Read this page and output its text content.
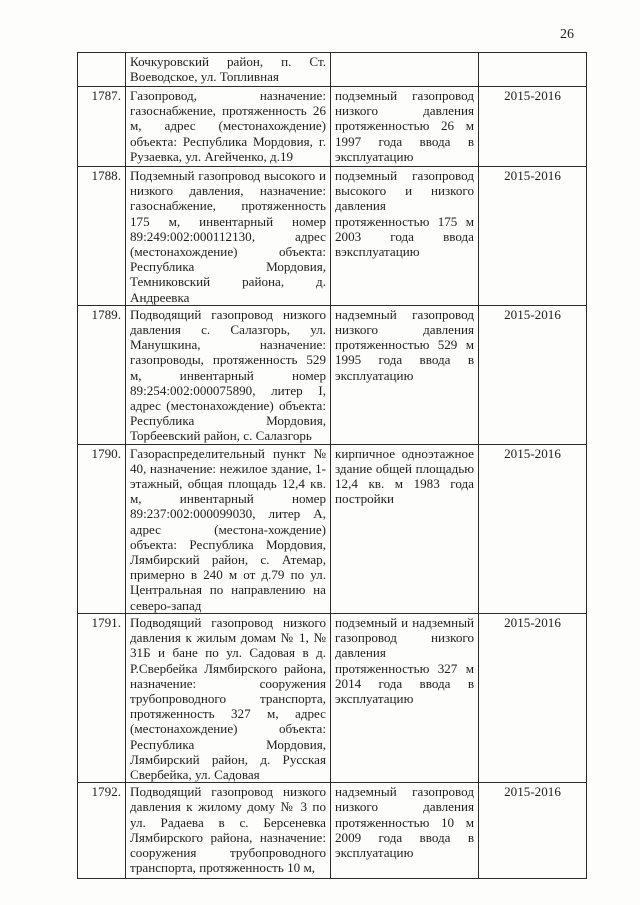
26
	Кочкуровский район, п. Ст. Воеводское, ул. Топливная		
1787.	Газопровод, назначение: газоснабжение, протяженность 26 м, адрес (местонахождение) объекта: Республика Мордовия, г. Рузаевка, ул. Агейченко, д.19	подземный газопровод низкого давления протяженностью 26 м 1997 года ввода в эксплуатацию	2015-2016
1788.	Подземный газопровод высокого и низкого давления, назначение: газоснабжение, протяженность 175 м, инвентарный номер 89:249:002:000112130, адрес (местонахождение) объекта: Республика Мордовия, Темниковский района, д. Андреевка	подземный газопровод высокого и низкого давления протяженностью 175 м 2003 года ввода вэксплуатацию	2015-2016
1789.	Подводящий газопровод низкого давления с. Салазгорь, ул. Манушкина, назначение: газопроводы, протяженность 529 м, инвентарный номер 89:254:002:000075890, литер I, адрес (местонахождение) объекта: Республика Мордовия, Торбеевский район, с. Салазгорь	надземный газопровод низкого давления протяженностью 529 м 1995 года ввода в эксплуатацию	2015-2016
1790.	Газораспределительный пункт № 40, назначение: нежилое здание, 1-этажный, общая площадь 12,4 кв. м, инвентарный номер 89:237:002:000099030, литер А, адрес (местона-хождение) объекта: Республика Мордовия, Лямбирский район, с. Атемар, примерно в 240 м от д.79 по ул. Центральная по направлению на северо-запад	кирпичное одноэтажное здание общей площадью 12,4 кв. м 1983 года постройки	2015-2016
1791.	Подводящий газопровод низкого давления к жилым домам № 1, № 31Б и бане по ул. Садовая в д. Р.Свербейка Лямбирского района, назначение: сооружения трубопроводного транспорта, протяженность 327 м, адрес (местонахождение) объекта: Республика Мордовия, Лямбирский район, д. Русская Свербейка, ул. Садовая	подземный и надземный газопровод низкого давления протяженностью 327 м 2014 года ввода в эксплуатацию	2015-2016
1792.	Подводящий газопровод низкого давления к жилому дому № 3 по ул. Радаева в с. Берсеневка Лямбирского района, назначение: сооружения трубопроводного транспорта, протяженность 10 м,	надземный газопровод низкого давления протяженностью 10 м 2009 года ввода в эксплуатацию	2015-2016
